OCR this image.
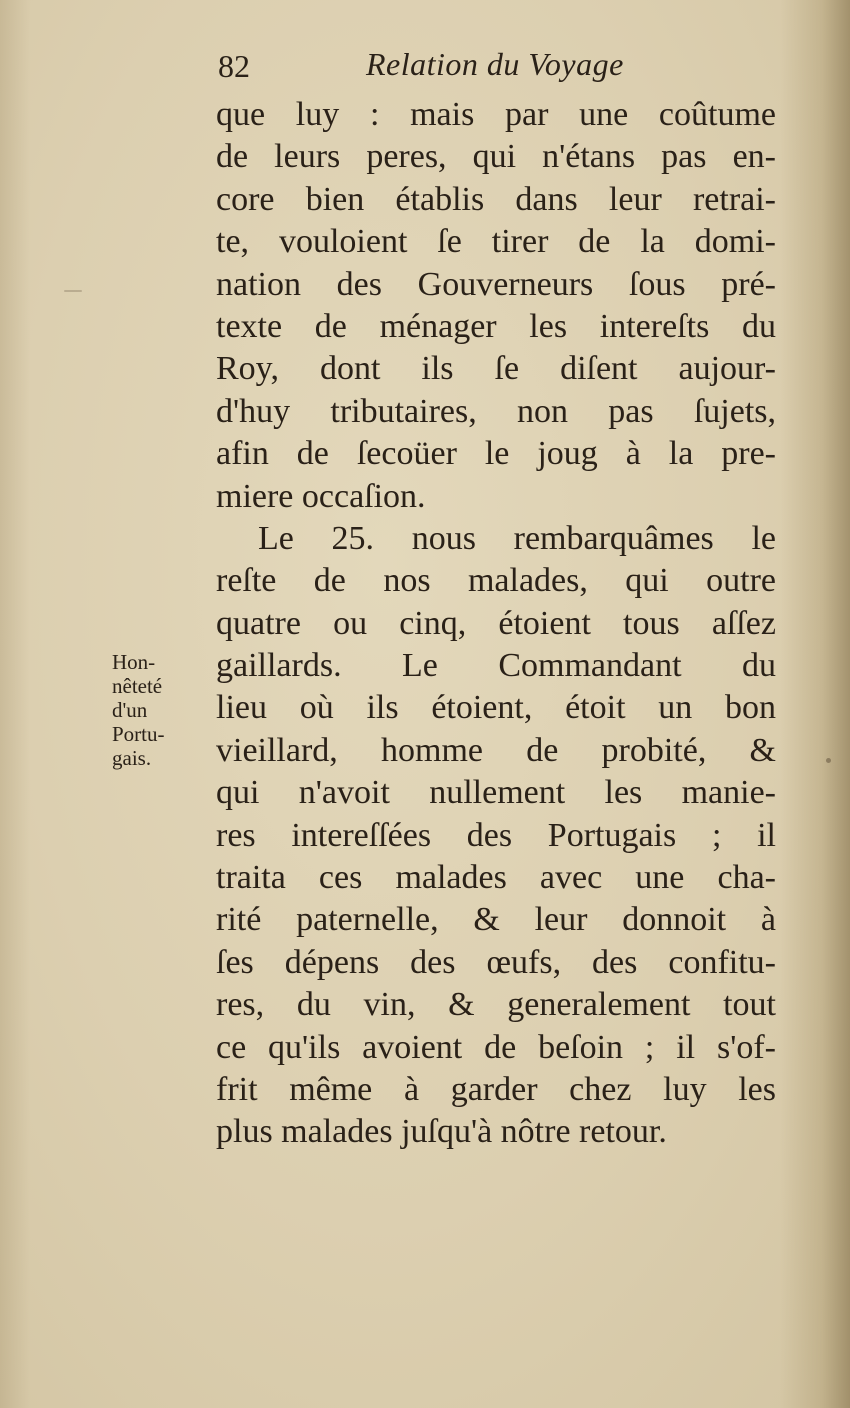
82	Relation du Voyage
que luy : mais par une coûtume
de leurs peres, qui n'étans pas en-
core bien établis dans leur retrai-
te, vouloient ſe tirer de la domi-
nation des Gouverneurs ſous pré-
texte de ménager les intereſts du
Roy, dont ils ſe diſent aujour-
d'huy tributaires, non pas ſujets,
afin de ſecoüer le joug à la pre-
miere occaſion.
Le 25. nous rembarquâmes le
reſte de nos malades, qui outre
quatre ou cinq, étoient tous aſſez
gaillards. Le Commandant du
lieu où ils étoient, étoit un bon
vieillard, homme de probité, &
qui n'avoit nullement les manie-
res intereſſées des Portugais ; il
traita ces malades avec une cha-
rité paternelle, & leur donnoit à
ſes dépens des œufs, des confitu-
res, du vin, & generalement tout
ce qu'ils avoient de beſoin ; il s'of-
frit même à garder chez luy les
plus malades juſqu'à nôtre retour.
Hon-
nêteté
d'un
Portu-
gais.
